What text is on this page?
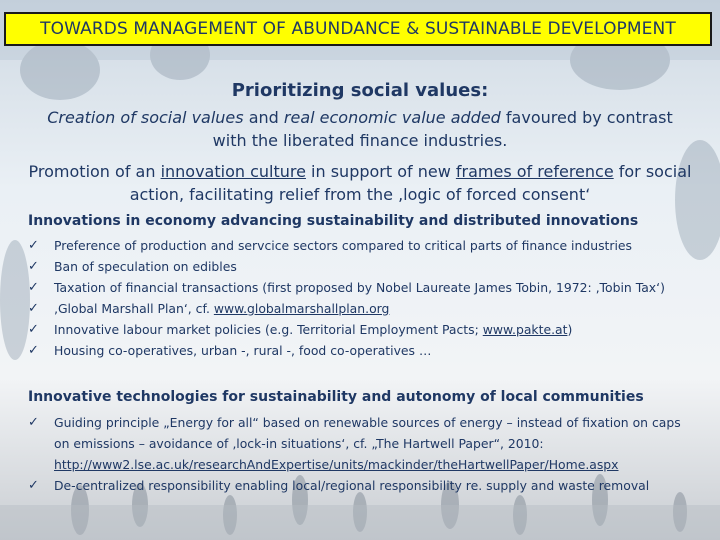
TOWARDS MANAGEMENT OF ABUNDANCE & SUSTAINABLE DEVELOPMENT
Prioritizing social values:
Creation of social values and real economic value added favoured by contrast with the liberated finance industries.
Promotion of an innovation culture in support of new frames of reference for social action, facilitating relief from the ‚logic of forced consent‘
Innovations in economy advancing sustainability and distributed innovations
✓	Preference of production and servcice sectors compared to critical parts of finance industries
✓	Ban of speculation on edibles
✓	Taxation of financial transactions (first proposed by Nobel Laureate James Tobin, 1972: ‚Tobin Tax‘)
✓	‚Global Marshall Plan‘, cf. www.globalmarshallplan.org
✓	Innovative labour market policies (e.g. Territorial Employment Pacts; www.pakte.at)
✓	Housing co-operatives, urban -, rural -, food co-operatives …
Innovative technologies for sustainability and autonomy of local communities
✓	Guiding principle „Energy for all“ based on renewable sources of energy – instead of fixation on caps on emissions – avoidance of ‚lock-in situations‘, cf. „The Hartwell Paper“, 2010: http://www2.lse.ac.uk/researchAndExpertise/units/mackinder/theHartwellPaper/Home.aspx
✓	De-centralized responsibility enabling local/regional responsibility re. supply and waste removal
